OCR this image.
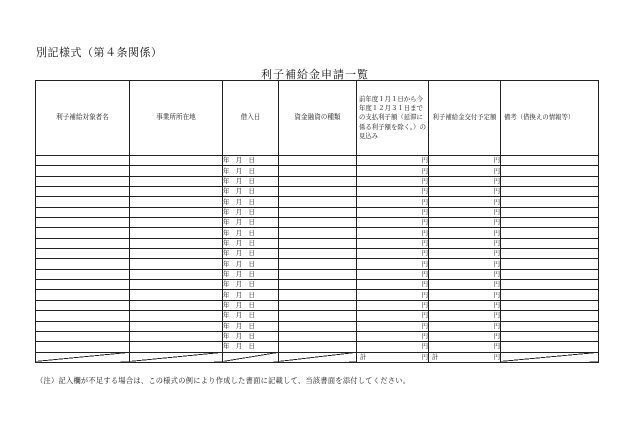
別記様式（第４条関係）
利子補給金申請一覧
利子補給対象者名	事業所所在地	借入日	資金融資の種類	前年度１月１日から今年度１２月３１日までの支払利子額（延滞に係る利子額を除く。）の見込み	利子補給金交付予定額	備考（借換えの情報等）
		年　月　日		円	円	
		年　月　日		円	円	
		年　月　日		円	円	
		年　月　日		円	円	
		年　月　日		円	円	
		年　月　日		円	円	
		年　月　日		円	円	
		年　月　日		円	円	
		年　月　日		円	円	
		年　月　日		円	円	
		年　月　日		円	円	
		年　月　日		円	円	
		年　月　日		円	円	
		年　月　日		円	円	
		年　月　日		円	円	
		年　月　日		円	円	
		年　月　日		円	円	
		年　月　日		円	円	
		年　月　日		円	円	

				計 円	計 円	
（注）記入欄が不足する場合は、この様式の例により作成した書面に記載して、当該書面を添付してください。
